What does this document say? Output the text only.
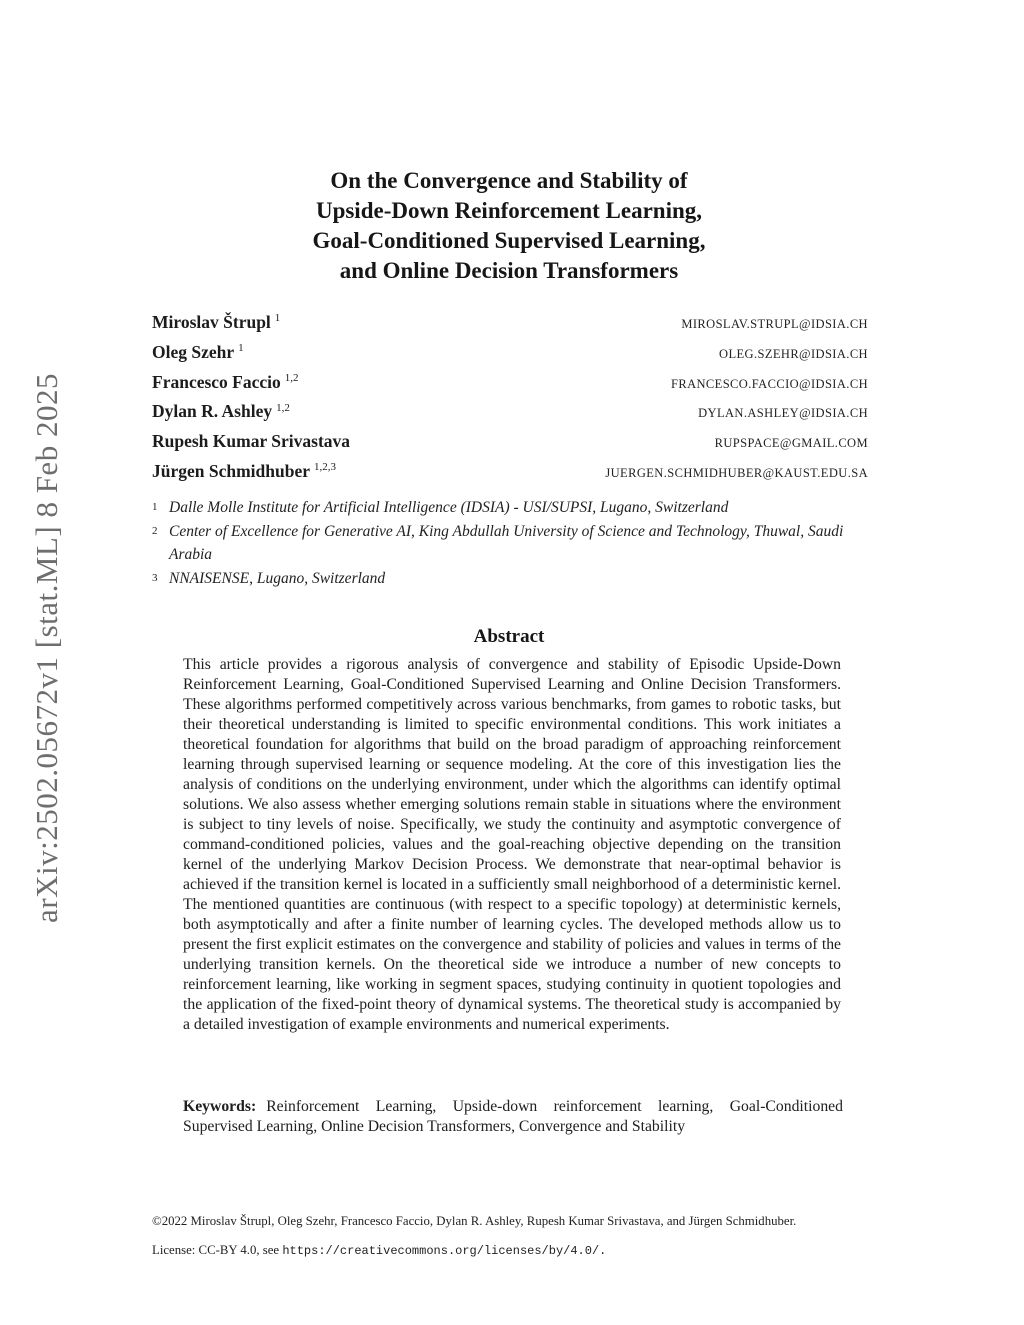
arXiv:2502.05672v1 [stat.ML] 8 Feb 2025
On the Convergence and Stability of
Upside-Down Reinforcement Learning,
Goal-Conditioned Supervised Learning,
and Online Decision Transformers
Miroslav Štrupl $^1$	MIROSLAV.STRUPL@IDSIA.CH
Oleg Szehr $^1$	OLEG.SZEHR@IDSIA.CH
Francesco Faccio $^{1,2}$	FRANCESCO.FACCIO@IDSIA.CH
Dylan R. Ashley $^{1,2}$	DYLAN.ASHLEY@IDSIA.CH
Rupesh Kumar Srivastava	RUPSPACE@GMAIL.COM
Jürgen Schmidhuber $^{1,2,3}$	JUERGEN.SCHMIDHUBER@KAUST.EDU.SA
1 Dalle Molle Institute for Artificial Intelligence (IDSIA) - USI/SUPSI, Lugano, Switzerland
2 Center of Excellence for Generative AI, King Abdullah University of Science and Technology, Thuwal, Saudi Arabia
3 NNAISENSE, Lugano, Switzerland
Abstract
This article provides a rigorous analysis of convergence and stability of Episodic Upside-Down Reinforcement Learning, Goal-Conditioned Supervised Learning and Online Decision Transformers. These algorithms performed competitively across various benchmarks, from games to robotic tasks, but their theoretical understanding is limited to specific environmental conditions. This work initiates a theoretical foundation for algorithms that build on the broad paradigm of approaching reinforcement learning through supervised learning or sequence modeling. At the core of this investigation lies the analysis of conditions on the underlying environment, under which the algorithms can identify optimal solutions. We also assess whether emerging solutions remain stable in situations where the environment is subject to tiny levels of noise. Specifically, we study the continuity and asymptotic convergence of command-conditioned policies, values and the goal-reaching objective depending on the transition kernel of the underlying Markov Decision Process. We demonstrate that near-optimal behavior is achieved if the transition kernel is located in a sufficiently small neighborhood of a deterministic kernel. The mentioned quantities are continuous (with respect to a specific topology) at deterministic kernels, both asymptotically and after a finite number of learning cycles. The developed methods allow us to present the first explicit estimates on the convergence and stability of policies and values in terms of the underlying transition kernels. On the theoretical side we introduce a number of new concepts to reinforcement learning, like working in segment spaces, studying continuity in quotient topologies and the application of the fixed-point theory of dynamical systems. The theoretical study is accompanied by a detailed investigation of example environments and numerical experiments.
Keywords: Reinforcement Learning, Upside-down reinforcement learning, Goal-Conditioned Supervised Learning, Online Decision Transformers, Convergence and Stability
©2022 Miroslav Štrupl, Oleg Szehr, Francesco Faccio, Dylan R. Ashley, Rupesh Kumar Srivastava, and Jürgen Schmidhuber.
License: CC-BY 4.0, see https://creativecommons.org/licenses/by/4.0/.
